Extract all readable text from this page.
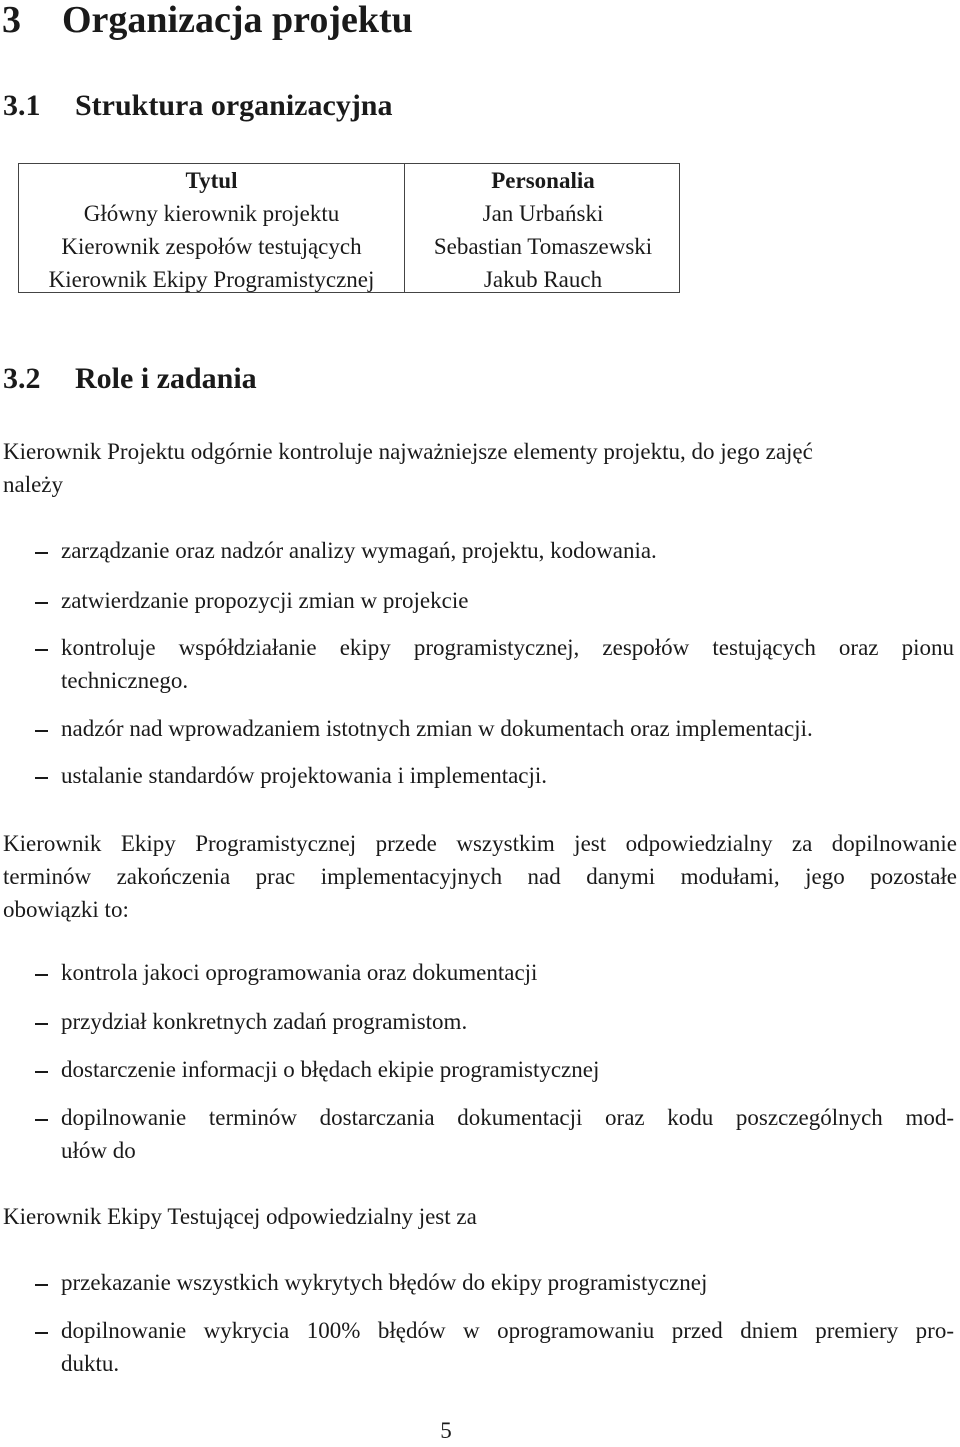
3 Organizacja projektu
3.1 Struktura organizacyjna
Tytul
Główny kierownik projektu
Kierownik zespołów testujących
Kierownik Ekipy Programistycznej
Personalia
Jan Urbański
Sebastian Tomaszewski
Jakub Rauch
3.2 Role i zadania
Kierownik Projektu odgórnie kontroluje najważniejsze elementy projektu, do jego zajęć
należy
zarządzanie oraz nadzór analizy wymagań, projektu, kodowania.
zatwierdzanie propozycji zmian w projekcie
kontroluje współdziałanie ekipy programistycznej, zespołów testujących oraz pionu
technicznego.
nadzór nad wprowadzaniem istotnych zmian w dokumentach oraz implementacji.
ustalanie standardów projektowania i implementacji.
Kierownik Ekipy Programistycznej przede wszystkim jest odpowiedzialny za dopilnowanie
terminów zakończenia prac implementacyjnych nad danymi modułami, jego pozostałe
obowiązki to:
kontrola jakoci oprogramowania oraz dokumentacji
przydział konkretnych zadań programistom.
dostarczenie informacji o błędach ekipie programistycznej
dopilnowanie terminów dostarczania dokumentacji oraz kodu poszczególnych mod-
ułów do
Kierownik Ekipy Testującej odpowiedzialny jest za
przekazanie wszystkich wykrytych błędów do ekipy programistycznej
dopilnowanie wykrycia 100% błędów w oprogramowaniu przed dniem premiery pro-
duktu.
5
